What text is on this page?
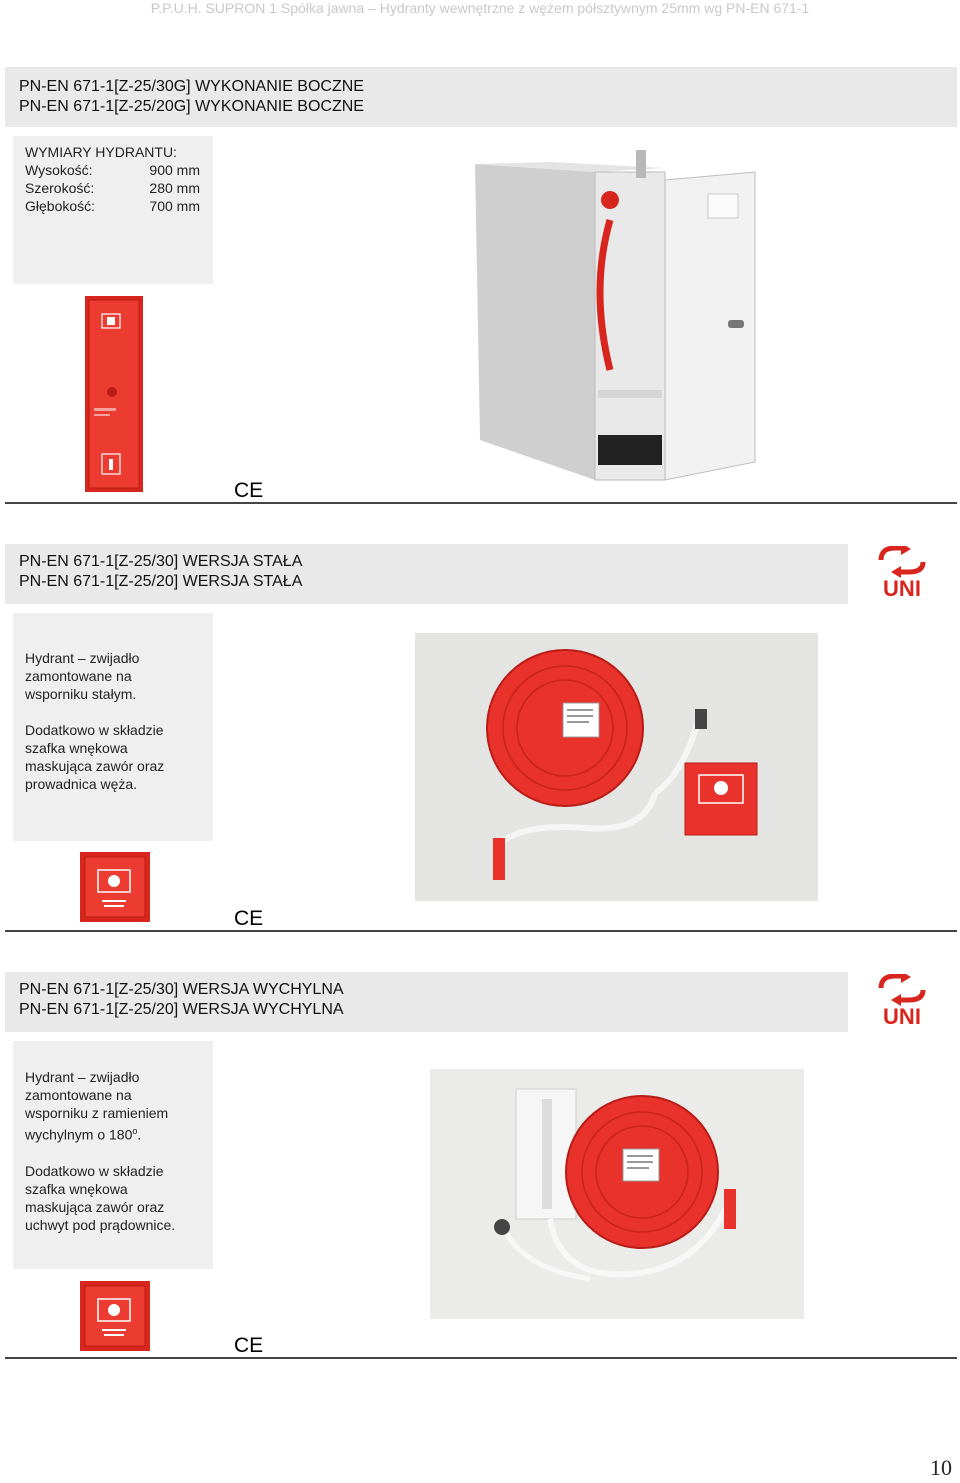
P.P.U.H. SUPRON 1 Spółka jawna – Hydranty wewnętrzne z wężem półsztywnym 25mm wg PN-EN 671-1
PN-EN 671-1[Z-25/30G] WYKONANIE BOCZNE
PN-EN 671-1[Z-25/20G] WYKONANIE BOCZNE
WYMIARY HYDRANTU:
Wysokość:	900 mm
Szerokość:	280 mm
Głębokość:	700 mm
CE
PN-EN 671-1[Z-25/30] WERSJA STAŁA
PN-EN 671-1[Z-25/20] WERSJA STAŁA	UNI

Hydrant – zwijadło

zamontowane na

wsporniku stałym.

Dodatkowo w składzie

szafka wnękowa

maskująca zawór oraz

prowadnica węża.

CE
PN-EN 671-1[Z-25/30] WERSJA WYCHYLNA
PN-EN 671-1[Z-25/20] WERSJA WYCHYLNA	UNI

Hydrant – zwijadło

zamontowane na

wsporniku z ramieniem

wychylnym o 180$^o$.

Dodatkowo w składzie

szafka wnękowa

maskująca zawór oraz

uchwyt pod prądownice.

CE
10
